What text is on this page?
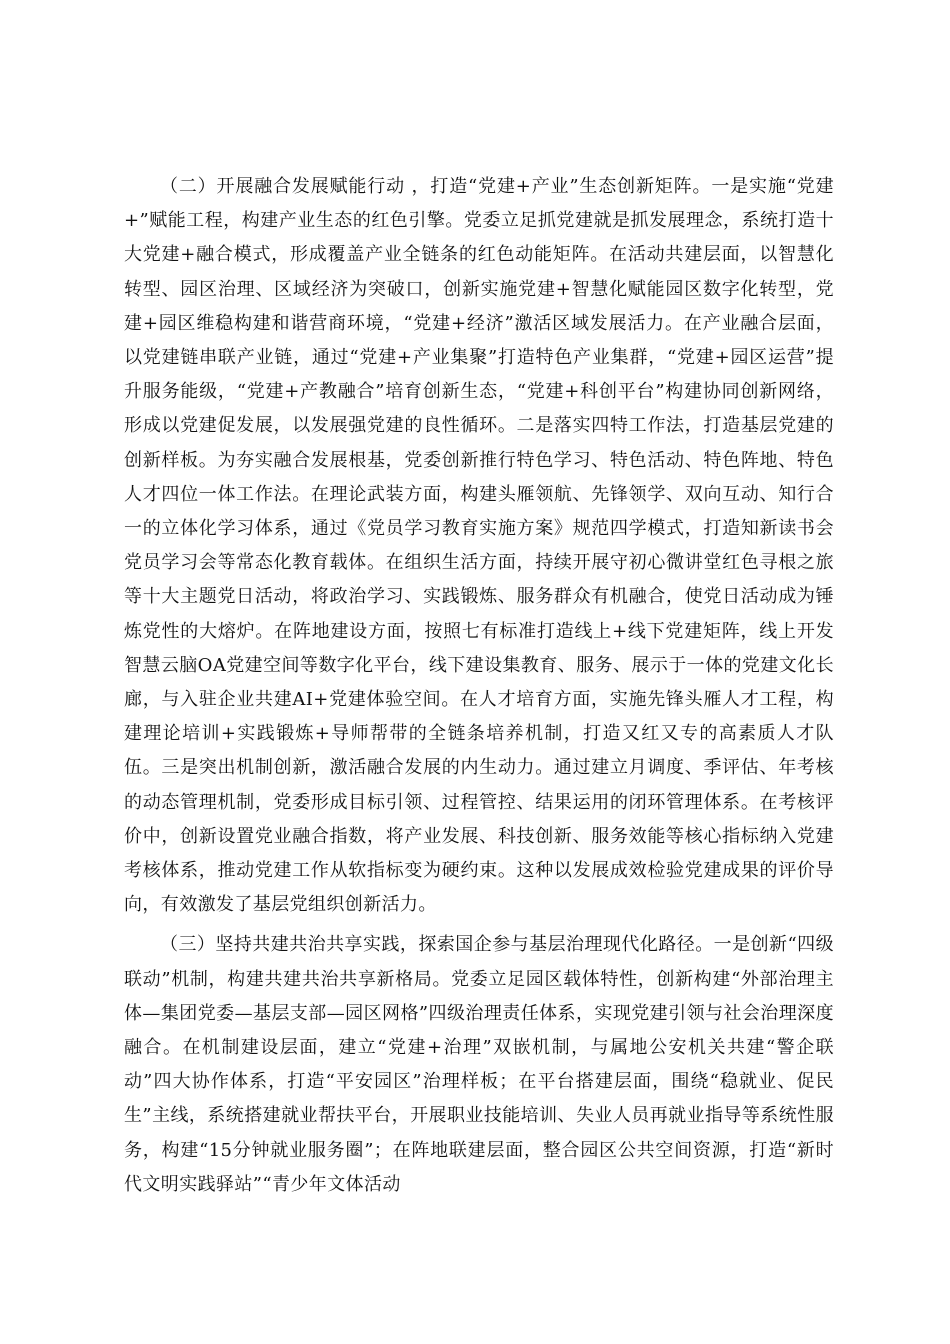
（二）开展融合发展赋能行动 ，打造“党建+产业”生态创新矩阵。一是实施“党建+”赋能工程，构建产业生态的红色引擎。党委立足抓党建就是抓发展理念，系统打造十大党建+融合模式，形成覆盖产业全链条的红色动能矩阵。在活动共建层面，以智慧化转型、园区治理、区域经济为突破口，创新实施党建+智慧化赋能园区数字化转型，党建+园区维稳构建和谐营商环境，“党建+经济”激活区域发展活力。在产业融合层面，以党建链串联产业链，通过“党建+产业集聚”打造特色产业集群，“党建+园区运营”提升服务能级，“党建+产教融合”培育创新生态，“党建+科创平台”构建协同创新网络，形成以党建促发展，以发展强党建的良性循环。二是落实四特工作法，打造基层党建的创新样板。为夯实融合发展根基，党委创新推行特色学习、特色活动、特色阵地、特色人才四位一体工作法。在理论武装方面，构建头雁领航、先锋领学、双向互动、知行合一的立体化学习体系，通过《党员学习教育实施方案》规范四学模式，打造知新读书会党员学习会等常态化教育载体。在组织生活方面，持续开展守初心微讲堂红色寻根之旅等十大主题党日活动，将政治学习、实践锻炼、服务群众有机融合，使党日活动成为锤炼党性的大熔炉。在阵地建设方面，按照七有标准打造线上+线下党建矩阵，线上开发智慧云脑OA党建空间等数字化平台，线下建设集教育、服务、展示于一体的党建文化长廊，与入驻企业共建AI+党建体验空间。在人才培育方面，实施先锋头雁人才工程，构建理论培训+实践锻炼+导师帮带的全链条培养机制，打造又红又专的高素质人才队伍。三是突出机制创新，激活融合发展的内生动力。通过建立月调度、季评估、年考核的动态管理机制，党委形成目标引领、过程管控、结果运用的闭环管理体系。在考核评价中，创新设置党业融合指数，将产业发展、科技创新、服务效能等核心指标纳入党建考核体系，推动党建工作从软指标变为硬约束。这种以发展成效检验党建成果的评价导向，有效激发了基层党组织创新活力。

（三）坚持共建共治共享实践，探索国企参与基层治理现代化路径。一是创新“四级联动”机制，构建共建共治共享新格局。党委立足园区载体特性，创新构建“外部治理主体—集团党委—基层支部—园区网格”四级治理责任体系，实现党建引领与社会治理深度融合。在机制建设层面，建立“党建+治理”双嵌机制，与属地公安机关共建“警企联动”四大协作体系，打造“平安园区”治理样板；在平台搭建层面，围绕“稳就业、促民生”主线，系统搭建就业帮扶平台，开展职业技能培训、失业人员再就业指导等系统性服务，构建“15分钟就业服务圈”；在阵地联建层面，整合园区公共空间资源，打造“新时代文明实践驿站”“青少年文体活动
